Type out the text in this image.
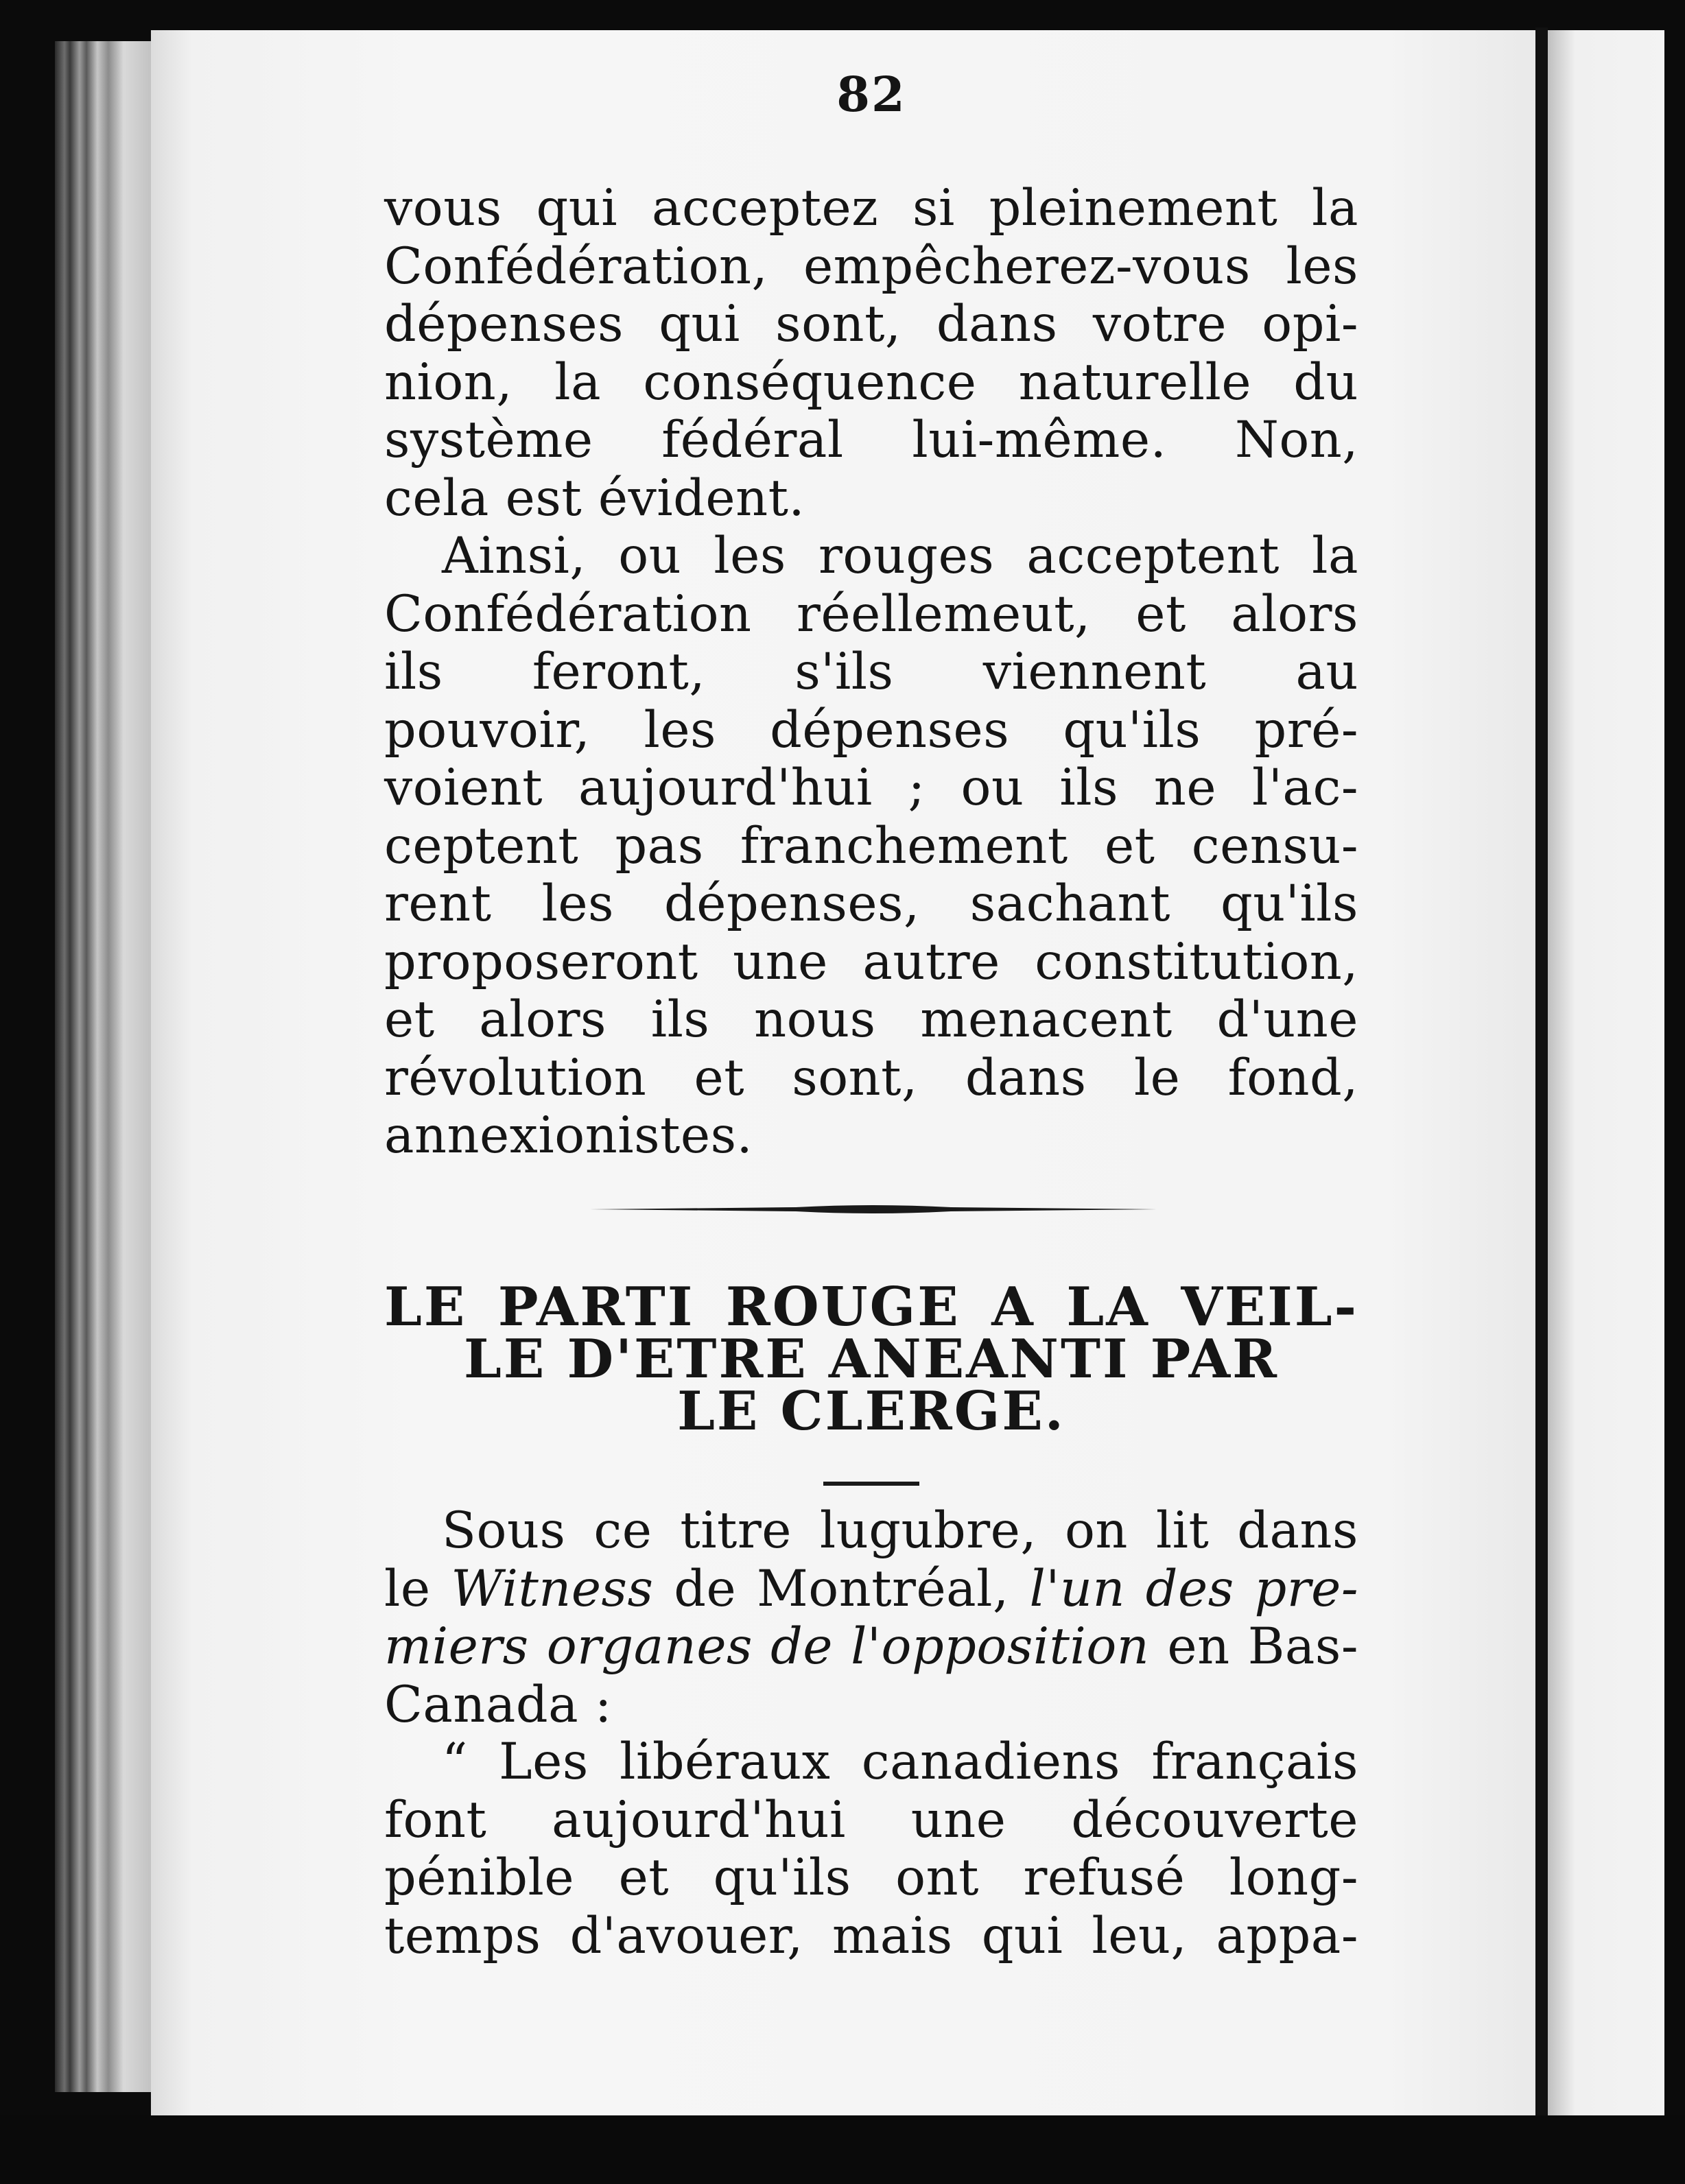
82

vous qui acceptez si pleinement la
Confédération, empêcherez-vous les
dépenses qui sont, dans votre opi-
nion, la conséquence naturelle du
système fédéral lui-même. Non,
cela est évident.

Ainsi, ou les rouges acceptent la
Confédération réellemeut, et alors
ils feront, s'ils viennent au
pouvoir, les dépenses qu'ils pré-
voient aujourd'hui ; ou ils ne l'ac-
ceptent pas franchement et censu-
rent les dépenses, sachant qu'ils
proposeront une autre constitution,
et alors ils nous menacent d'une
révolution et sont, dans le fond,
annexionistes.

LE PARTI ROUGE A LA VEIL-
LE D'ETRE ANEANTI PAR
LE CLERGE.

Sous ce titre lugubre, on lit dans
le Witness de Montréal, l'un des pre-
miers organes de l'opposition en Bas-
Canada :

“ Les libéraux canadiens français
font aujourd'hui une découverte
pénible et qu'ils ont refusé long-
temps d'avouer, mais qui leu, appa-
